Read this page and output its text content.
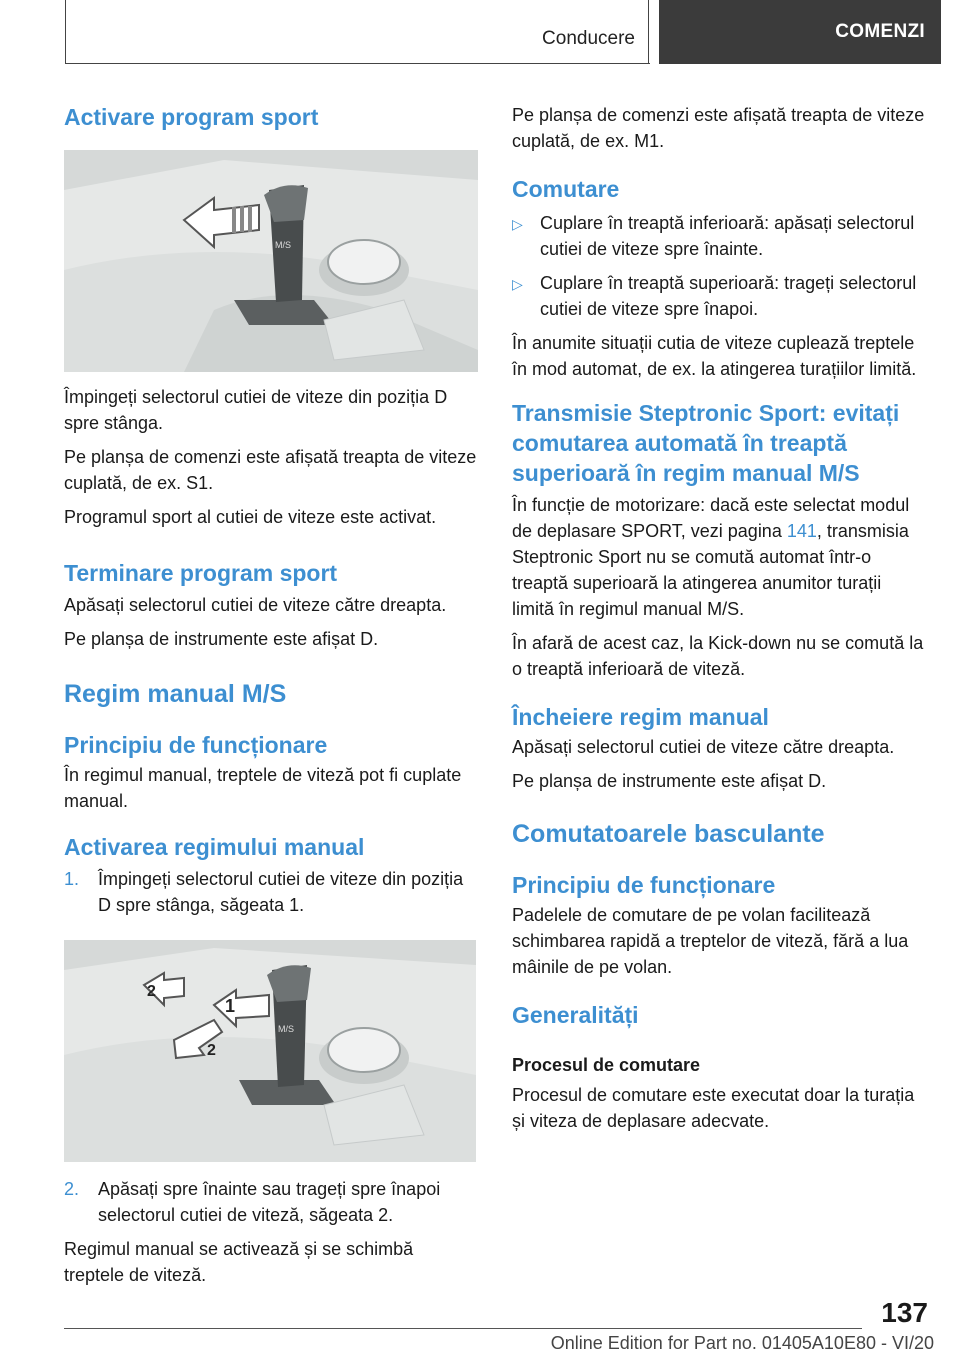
Conducere	COMENZI
Activare program sport
M/S

Împingeți selectorul cutiei de viteze din poziția D spre stânga.

Pe planșa de comenzi este afișată treapta de viteze cuplată, de ex. S1.

Programul sport al cutiei de viteze este activat.

Terminare program sport

Apăsați selectorul cutiei de viteze către dreapta.

Pe planșa de instrumente este afișat D.

Regim manual M/S
Principiu de funcționare

În regimul manual, treptele de viteză pot fi cuplate manual.

Activarea regimului manual
1.	Împingeți selectorul cutiei de viteze din poziția D spre stânga, săgeata 1.
M/S
1
2
2
2.	Apăsați spre înainte sau trageți spre înapoi selectorul cutiei de viteză, săgeata 2.

Regimul manual se activează și se schimbă treptele de viteză.

Pe planșa de comenzi este afișată treapta de viteze cuplată, de ex. M1.

Comutare
▷ Cuplare în treaptă inferioară: apăsați selectorul cutiei de viteze spre înainte.
▷ Cuplare în treaptă superioară: trageți selectorul cutiei de viteze spre înapoi.

În anumite situații cutia de viteze cuplează treptele în mod automat, de ex. la atingerea turațiilor limită.

Transmisie Steptronic Sport: evitați comutarea automată în treaptă superioară în regim manual M/S

În funcție de motorizare: dacă este selectat modul de deplasare SPORT, vezi pagina 141, transmisia Steptronic Sport nu se comută automat într-o treaptă superioară la atingerea anumitor turații limită în regimul manual M/S.

În afară de acest caz, la Kick-down nu se comută la o treaptă inferioară de viteză.

Încheiere regim manual

Apăsați selectorul cutiei de viteze către dreapta.

Pe planșa de instrumente este afișat D.

Comutatoarele basculante
Principiu de funcționare

Padelele de comutare de pe volan facilitează schimbarea rapidă a treptelor de viteză, fără a lua mâinile de pe volan.

Generalități
Procesul de comutare

Procesul de comutare este executat doar la turația și viteza de deplasare adecvate.

137
Online Edition for Part no. 01405A10E80 - VI/20
